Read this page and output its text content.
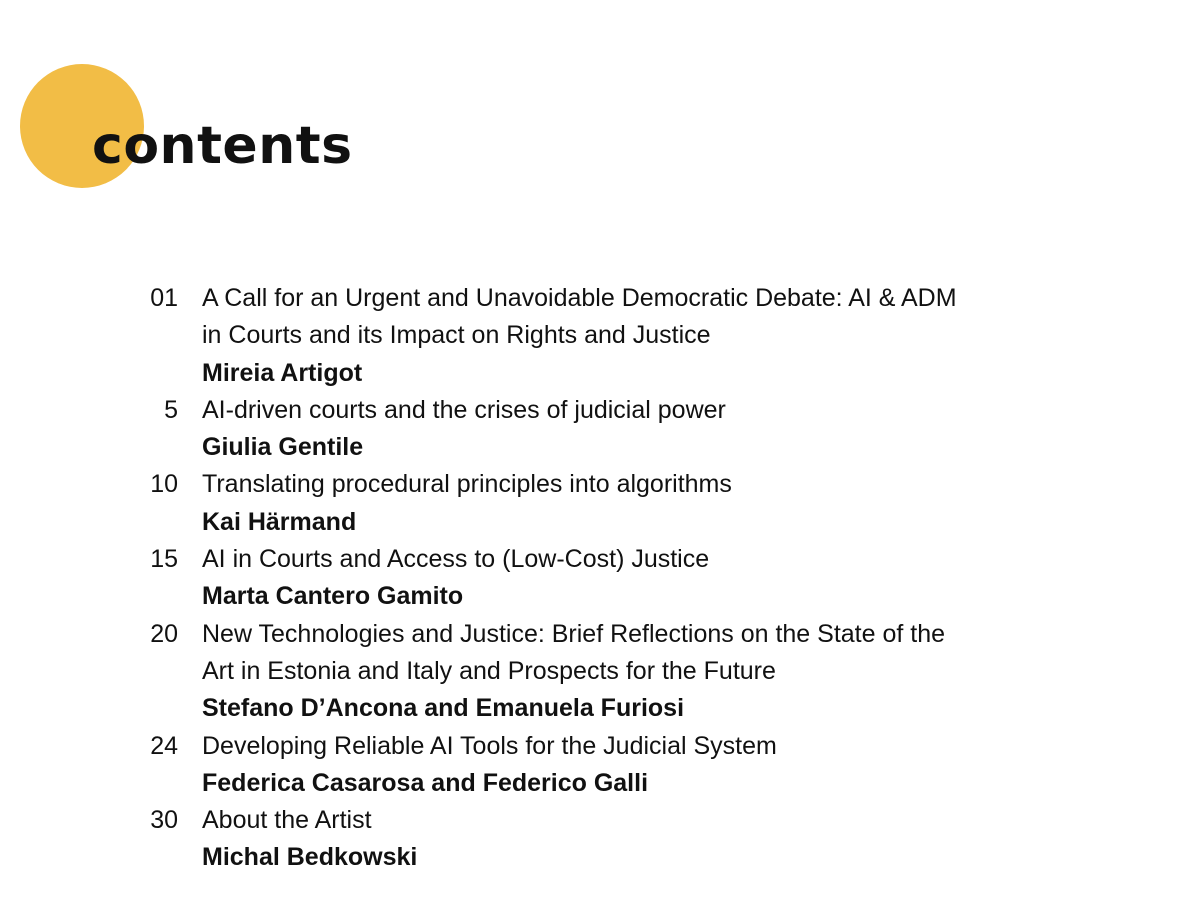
contents
01 A Call for an Urgent and Unavoidable Democratic Debate: AI & ADM
in Courts and its Impact on Rights and Justice
Mireia Artigot
5 AI-driven courts and the crises of judicial power
Giulia Gentile
10 Translating procedural principles into algorithms
Kai Härmand
15 AI in Courts and Access to (Low-Cost) Justice
Marta Cantero Gamito
20 New Technologies and Justice: Brief Reflections on the State of the
Art in Estonia and Italy and Prospects for the Future
Stefano D’Ancona and Emanuela Furiosi
24 Developing Reliable AI Tools for the Judicial System
Federica Casarosa and Federico Galli
30 About the Artist
Michal Bedkowski
